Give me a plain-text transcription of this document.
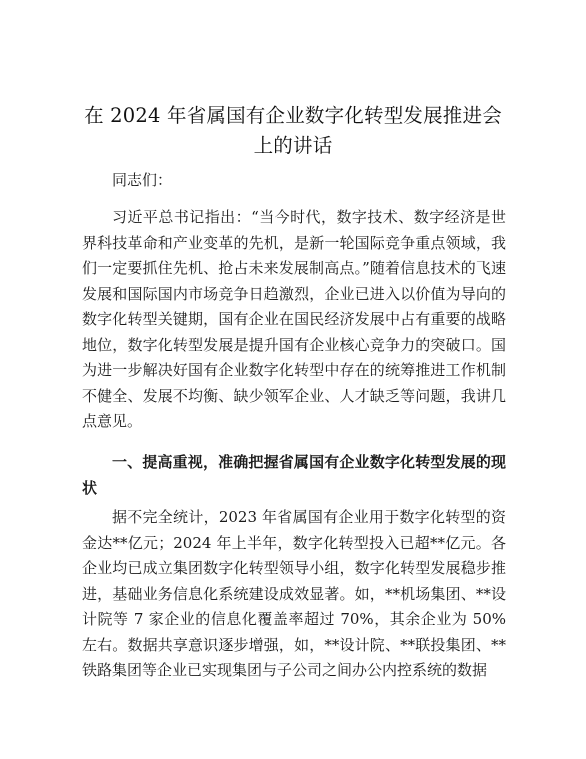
在 2024 年省属国有企业数字化转型发展推进会上的讲话

同志们：

习近平总书记指出：“当今时代，数字技术、数字经济是世界科技革命和产业变革的先机，是新一轮国际竞争重点领域，我们一定要抓住先机、抢占未来发展制高点。”随着信息技术的飞速发展和国际国内市场竞争日趋激烈，企业已进入以价值为导向的数字化转型关键期，国有企业在国民经济发展中占有重要的战略地位，数字化转型发展是提升国有企业核心竞争力的突破口。国为进一步解决好国有企业数字化转型中存在的统筹推进工作机制不健全、发展不均衡、缺少领军企业、人才缺乏等问题，我讲几点意见。

一、提高重视，准确把握省属国有企业数字化转型发展的现状

据不完全统计，2023 年省属国有企业用于数字化转型的资金达**亿元；2024 年上半年，数字化转型投入已超**亿元。各企业均已成立集团数字化转型领导小组，数字化转型发展稳步推进，基础业务信息化系统建设成效显著。如，**机场集团、**设计院等 7 家企业的信息化覆盖率超过 70%，其余企业为 50%左右。数据共享意识逐步增强，如，**设计院、**联投集团、**铁路集团等企业已实现集团与子公司之间办公内控系统的数据
